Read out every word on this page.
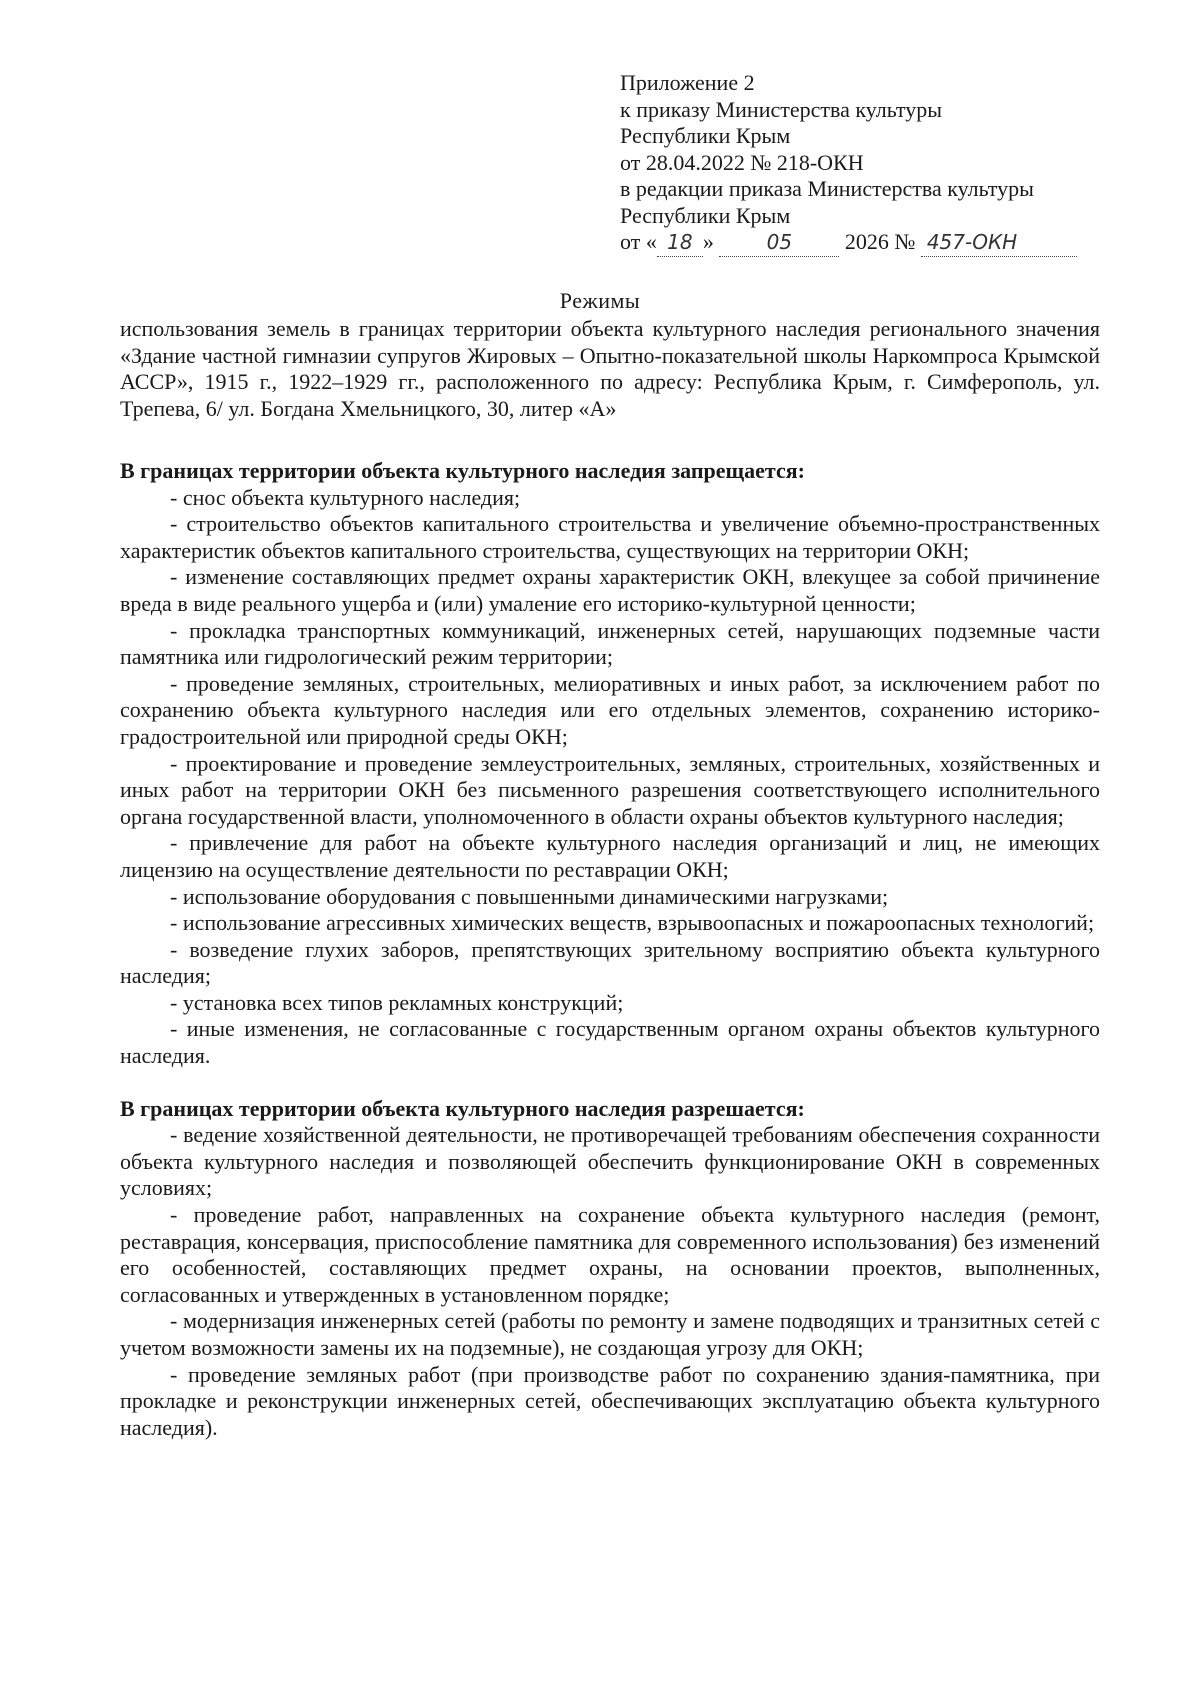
Приложение 2
к приказу Министерства культуры
Республики Крым
от 28.04.2022 № 218-ОКН
в редакции приказа Министерства культуры
Республики Крым
от « 18 »	05 2026 № 457-ОКН
Режимы
использования земель в границах территории объекта культурного наследия регионального значения «Здание частной гимназии супругов Жировых – Опытно-показательной школы Наркомпроса Крымской АССР», 1915 г., 1922–1929 гг., расположенного по адресу: Республика Крым, г. Симферополь, ул. Трепева, 6/ ул. Богдана Хмельницкого, 30, литер «А»

В границах территории объекта культурного наследия запрещается:

- снос объекта культурного наследия;

- строительство объектов капитального строительства и увеличение объемно-пространственных характеристик объектов капитального строительства, существующих на территории ОКН;

- изменение составляющих предмет охраны характеристик ОКН, влекущее за собой причинение вреда в виде реального ущерба и (или) умаление его историко-культурной ценности;

- прокладка транспортных коммуникаций, инженерных сетей, нарушающих подземные части памятника или гидрологический режим территории;

- проведение земляных, строительных, мелиоративных и иных работ, за исключением работ по сохранению объекта культурного наследия или его отдельных элементов, сохранению историко-градостроительной или природной среды ОКН;

- проектирование и проведение землеустроительных, земляных, строительных, хозяйственных и иных работ на территории ОКН без письменного разрешения соответствующего исполнительного органа государственной власти, уполномоченного в области охраны объектов культурного наследия;

- привлечение для работ на объекте культурного наследия организаций и лиц, не имеющих лицензию на осуществление деятельности по реставрации ОКН;

- использование оборудования с повышенными динамическими нагрузками;

- использование агрессивных химических веществ, взрывоопасных и пожароопасных технологий;

- возведение глухих заборов, препятствующих зрительному восприятию объекта культурного наследия;

- установка всех типов рекламных конструкций;

- иные изменения, не согласованные с государственным органом охраны объектов культурного наследия.

В границах территории объекта культурного наследия разрешается:

- ведение хозяйственной деятельности, не противоречащей требованиям обеспечения сохранности объекта культурного наследия и позволяющей обеспечить функционирование ОКН в современных условиях;

- проведение работ, направленных на сохранение объекта культурного наследия (ремонт, реставрация, консервация, приспособление памятника для современного использования) без изменений его особенностей, составляющих предмет охраны, на основании проектов, выполненных, согласованных и утвержденных в установленном порядке;

- модернизация инженерных сетей (работы по ремонту и замене подводящих и транзитных сетей с учетом возможности замены их на подземные), не создающая угрозу для ОКН;

- проведение земляных работ (при производстве работ по сохранению здания-памятника, при прокладке и реконструкции инженерных сетей, обеспечивающих эксплуатацию объекта культурного наследия).
